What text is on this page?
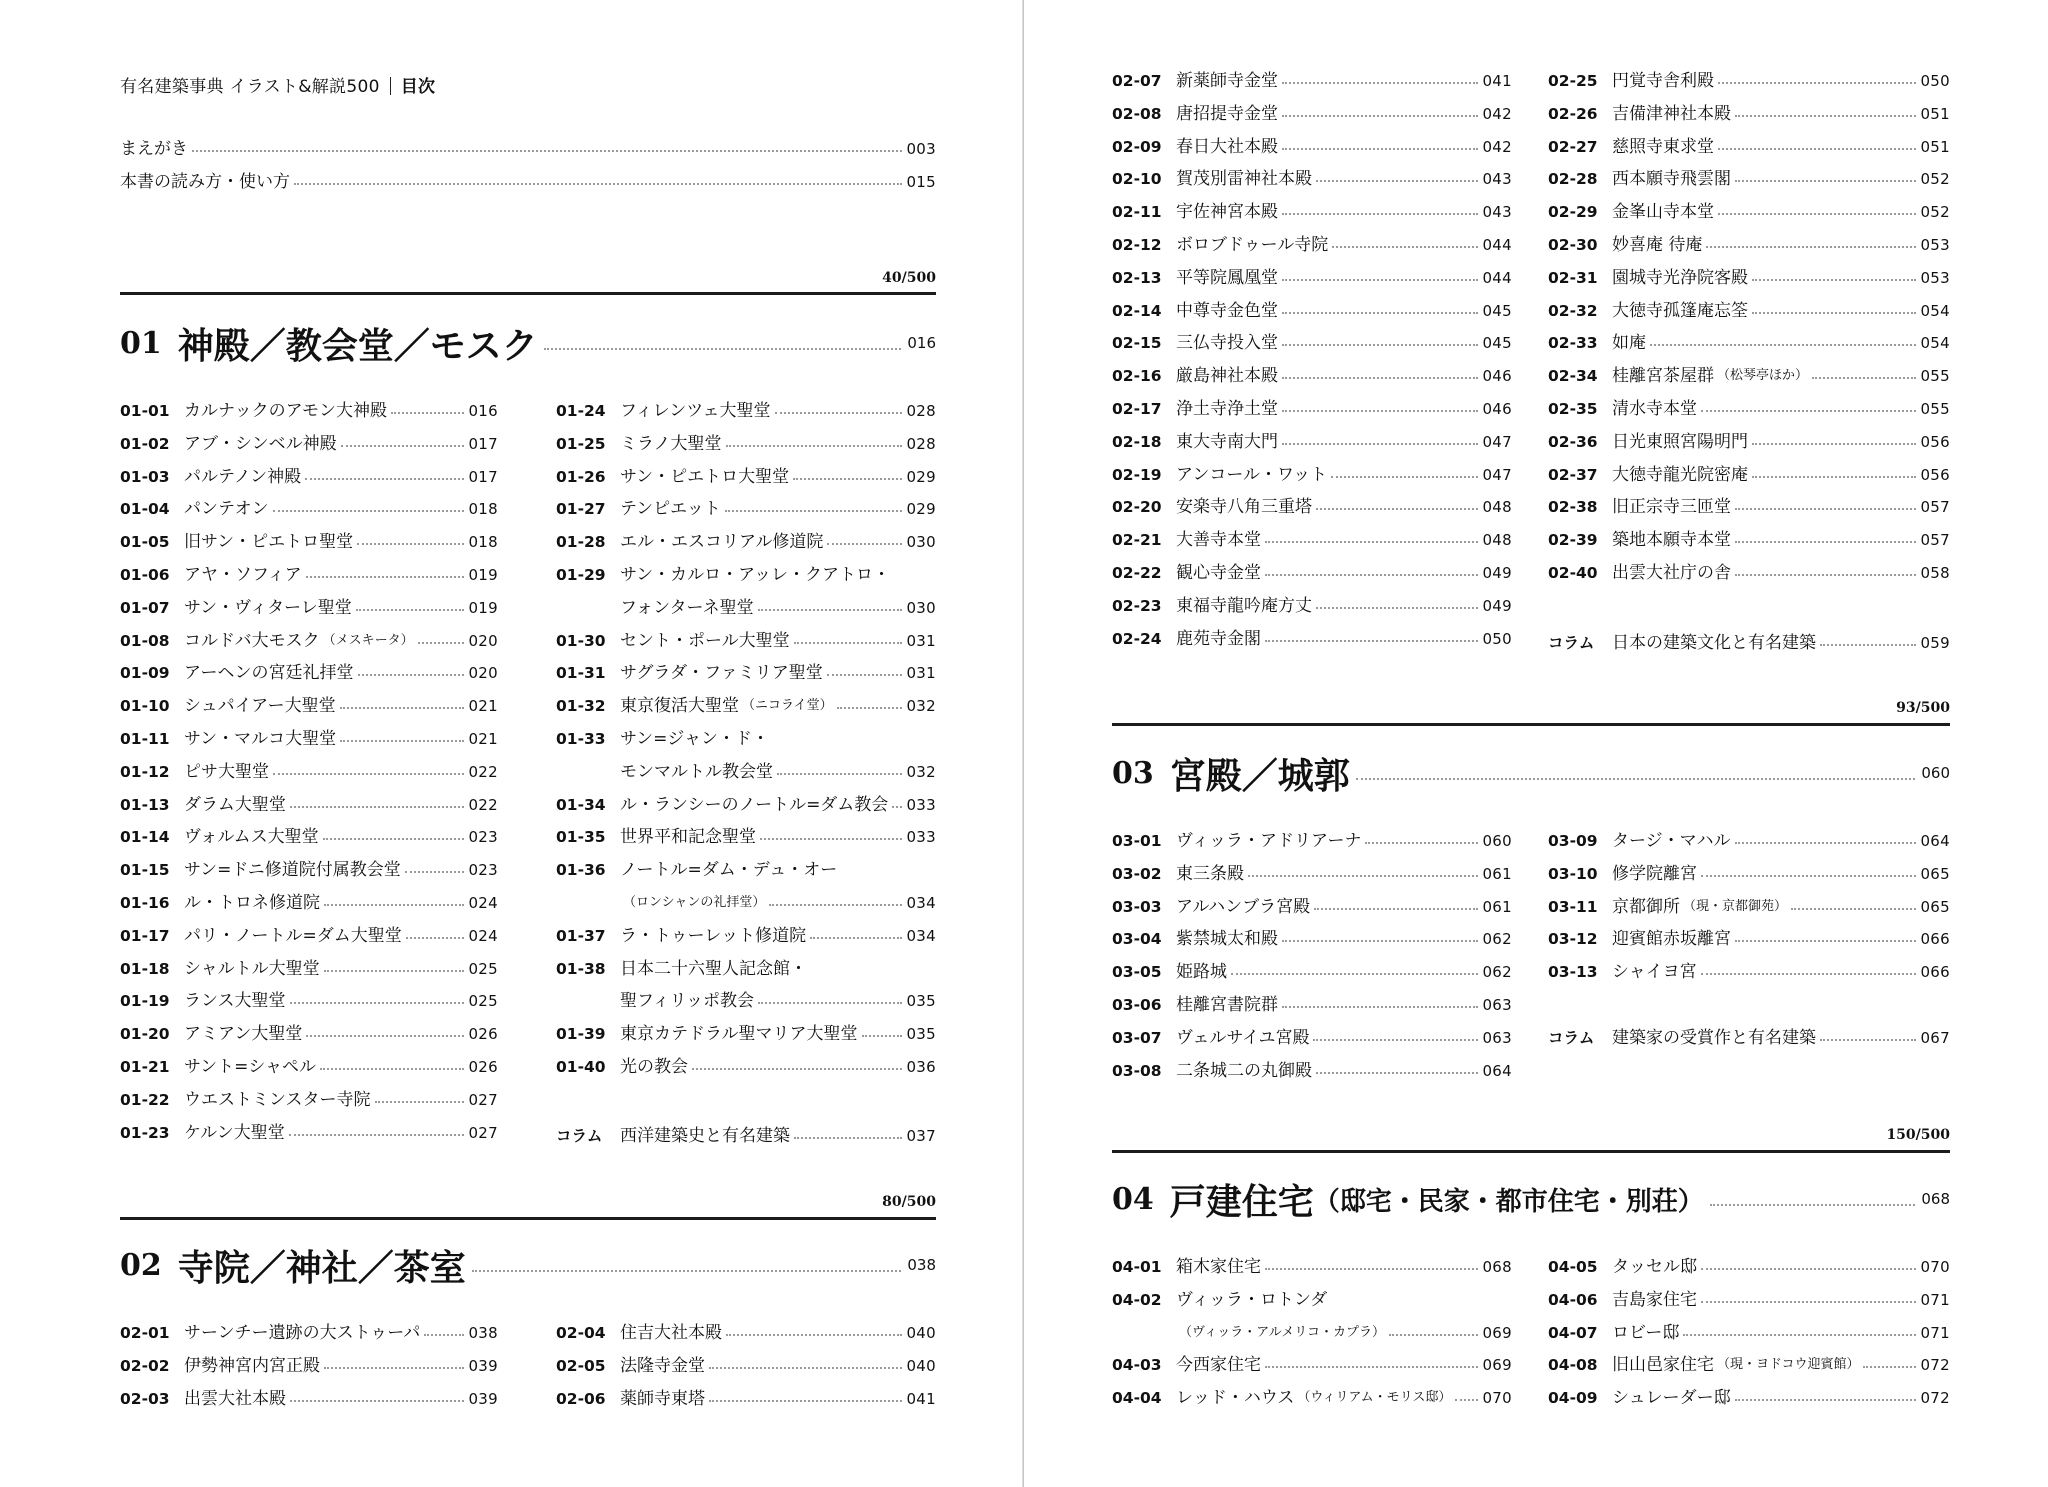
有名建築事典 イラスト&解説500 目次
まえがき	003
本書の読み方・使い方	015
40/500
01 神殿／教会堂／モスク	016
01-01 カルナックのアモン大神殿	016
01-02 アブ・シンベル神殿	017
01-03 パルテノン神殿	017
01-04 パンテオン	018
01-05 旧サン・ピエトロ聖堂	018
01-06 アヤ・ソフィア	019
01-07 サン・ヴィターレ聖堂	019
01-08 コルドバ大モスク （メスキータ）	020
01-09 アーヘンの宮廷礼拝堂	020
01-10 シュパイアー大聖堂	021
01-11 サン・マルコ大聖堂	021
01-12 ピサ大聖堂	022
01-13 ダラム大聖堂	022
01-14 ヴォルムス大聖堂	023
01-15 サン=ドニ修道院付属教会堂	023
01-16 ル・トロネ修道院	024
01-17 パリ・ノートル=ダム大聖堂	024
01-18 シャルトル大聖堂	025
01-19 ランス大聖堂	025
01-20 アミアン大聖堂	026
01-21 サント=シャペル	026
01-22 ウエストミンスター寺院	027
01-23 ケルン大聖堂	027
01-24 フィレンツェ大聖堂	028
01-25 ミラノ大聖堂	028
01-26 サン・ピエトロ大聖堂	029
01-27 テンピエット	029
01-28 エル・エスコリアル修道院	030
01-29 サン・カルロ・アッレ・クアトロ・
フォンターネ聖堂	030
01-30 セント・ポール大聖堂	031
01-31 サグラダ・ファミリア聖堂	031
01-32 東京復活大聖堂 （ニコライ堂）	032
01-33 サン=ジャン・ド・
モンマルトル教会堂	032
01-34 ル・ランシーのノートル=ダム教会 033
01-35 世界平和記念聖堂	033
01-36 ノートル=ダム・デュ・オー
（ロンシャンの礼拝堂）	034
01-37 ラ・トゥーレット修道院	034
01-38 日本二十六聖人記念館・
聖フィリッポ教会	035
01-39 東京カテドラル聖マリア大聖堂	035
01-40 光の教会	036
コラム	西洋建築史と有名建築	037
80/500
02 寺院／神社／茶室	038
02-01 サーンチー遺跡の大ストゥーパ	038
02-02 伊勢神宮内宮正殿	039
02-03 出雲大社本殿	039
02-04 住吉大社本殿	040
02-05 法隆寺金堂	040
02-06 薬師寺東塔	041
02-07 新薬師寺金堂	041
02-08 唐招提寺金堂	042
02-09 春日大社本殿	042
02-10 賀茂別雷神社本殿	043
02-11 宇佐神宮本殿	043
02-12 ボロブドゥール寺院	044
02-13 平等院鳳凰堂	044
02-14 中尊寺金色堂	045
02-15 三仏寺投入堂	045
02-16 厳島神社本殿	046
02-17 浄土寺浄土堂	046
02-18 東大寺南大門	047
02-19 アンコール・ワット	047
02-20 安楽寺八角三重塔	048
02-21 大善寺本堂	048
02-22 観心寺金堂	049
02-23 東福寺龍吟庵方丈	049
02-24 鹿苑寺金閣	050
02-25 円覚寺舎利殿	050
02-26 吉備津神社本殿	051
02-27 慈照寺東求堂	051
02-28 西本願寺飛雲閣	052
02-29 金峯山寺本堂	052
02-30 妙喜庵 待庵	053
02-31 園城寺光浄院客殿	053
02-32 大徳寺孤篷庵忘筌	054
02-33 如庵	054
02-34 桂離宮茶屋群 （松琴亭ほか）	055
02-35 清水寺本堂	055
02-36 日光東照宮陽明門	056
02-37 大徳寺龍光院密庵	056
02-38 旧正宗寺三匝堂	057
02-39 築地本願寺本堂	057
02-40 出雲大社庁の舎	058
コラム	日本の建築文化と有名建築	059
93/500
03 宮殿／城郭	060
03-01 ヴィッラ・アドリアーナ	060
03-02 東三条殿	061
03-03 アルハンブラ宮殿	061
03-04 紫禁城太和殿	062
03-05 姫路城	062
03-06 桂離宮書院群	063
03-07 ヴェルサイユ宮殿	063
03-08 二条城二の丸御殿	064
03-09 タージ・マハル	064
03-10 修学院離宮	065
03-11 京都御所 （現・京都御苑）	065
03-12 迎賓館赤坂離宮	066
03-13 シャイヨ宮	066
コラム	建築家の受賞作と有名建築	067
150/500
04 戸建住宅 （邸宅・民家・都市住宅・別荘）	068
04-01 箱木家住宅	068
04-02 ヴィッラ・ロトンダ
（ヴィッラ・アルメリコ・カプラ）	069
04-03 今西家住宅	069
04-04 レッド・ハウス （ウィリアム・モリス邸） 070
04-05 タッセル邸	070
04-06 吉島家住宅	071
04-07 ロビー邸	071
04-08 旧山邑家住宅 （現・ヨドコウ迎賓館）	072
04-09 シュレーダー邸	072
